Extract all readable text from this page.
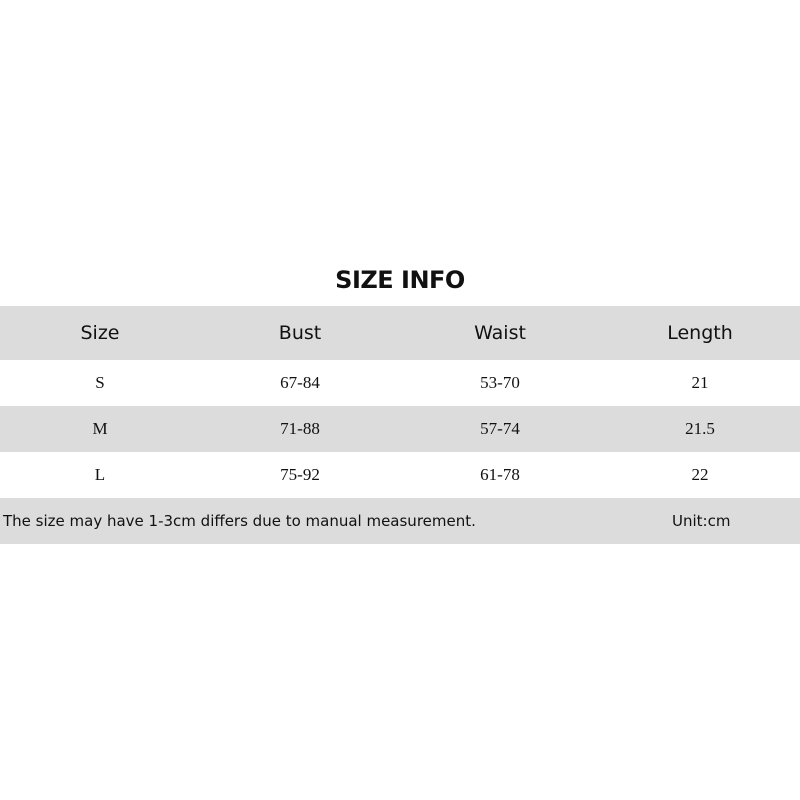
SIZE INFO
Size	Bust	Waist	Length
S	67-84	53-70	21
M	71-88	57-74	21.5
L	75-92	61-78	22
The size may have 1-3cm differs due to manual measurement.	Unit:cm
